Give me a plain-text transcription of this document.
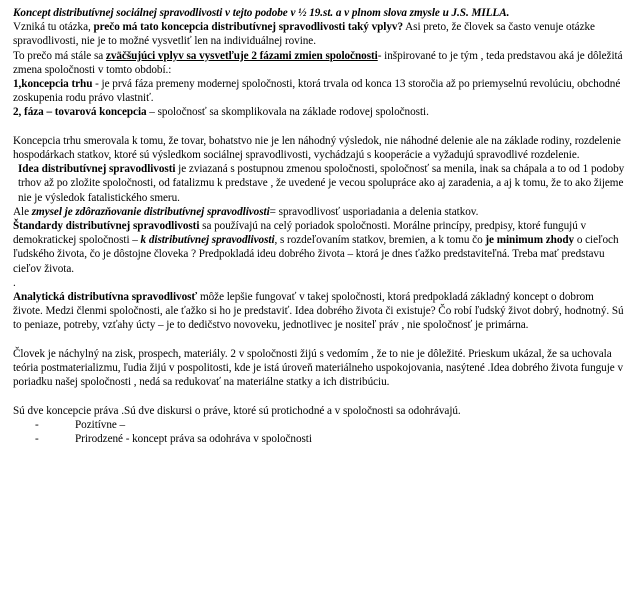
Koncept distributívnej sociálnej spravodlivosti v tejto podobe v ½ 19.st. a v plnom slova zmysle u J.S. MILLA.

Vzniká tu otázka, prečo má tato koncepcia distributívnej spravodlivosti taký vplyv? Asi preto, že človek sa často venuje otázke spravodlivosti, nie je to možné vysvetliť len na individuálnej rovine.

To prečo má stále sa zväčšujúci vplyv sa vysvetľuje 2 fázami zmien spoločnosti- inšpirované to je tým , teda predstavou aká je dôležitá zmena spoločnosti v tomto období.:

1,koncepcia trhu - je prvá fáza premeny modernej spoločnosti, ktorá trvala od konca 13 storočia až po priemyselnú revolúciu, obchodné zoskupenia rodu právo vlastniť.

2, fáza – tovarová koncepcia – spoločnosť sa skomplikovala na základe rodovej spoločnosti.

Koncepcia trhu smerovala k tomu, že tovar, bohatstvo nie je len náhodný výsledok, nie náhodné delenie ale na základe rodiny, rozdelenie hospodárkach statkov, ktoré sú výsledkom sociálnej spravodlivosti, vychádzajú s kooperácie a vyžadujú spravodlivé rozdelenie.

Idea distributívnej spravodlivosti je zviazaná s postupnou zmenou spoločnosti, spoločnosť sa menila, inak sa chápala a to od 1 podoby trhov až po zložite spoločnosti, od fatalizmu k predstave , že uvedené je vecou spolupráce ako aj zaradenia, a aj k tomu, že to ako žijeme nie je výsledok fatalistického smeru.

Ale zmysel je zdôrazňovanie distributívnej spravodlivosti= spravodlivosť usporiadania a delenia statkov.

Štandardy distributívnej spravodlivosti sa používajú na celý poriadok spoločnosti. Morálne princípy, predpisy, ktoré fungujú v demokratickej spoločnosti – k distributívnej spravodlivosti, s rozdeľovaním statkov, bremien, a k tomu čo je minimum zhody o cieľoch ľudského života, čo je dôstojne človeka ? Predpokladá ideu dobrého života – ktorá je dnes ťažko predstaviteľná. Treba mať predstavu cieľov života.

.

Analytická distributívna spravodlivosť môže lepšie fungovať v takej spoločnosti, ktorá predpokladá základný koncept o dobrom živote. Medzi členmi spoločnosti, ale ťažko si ho je predstaviť. Idea dobrého života či existuje? Čo robí ľudský život dobrý, hodnotný. Sú to peniaze, potreby, vzťahy úcty – je to dedičstvo novoveku, jednotlivec je nositeľ práv , nie spoločnosť je primárna.

Človek je náchylný na zisk, prospech, materiály. 2 v spoločnosti žijú s vedomím , že to nie je dôležité. Prieskum ukázal, že sa uchovala teória postmaterializmu, ľudia žijú v pospolitosti, kde je istá úroveň materiálneho uspokojovania, nasýtené .Idea dobrého života funguje v poriadku našej spoločnosti , nedá sa redukovať na materiálne statky a ich distribúciu.

Sú dve koncepcie práva .Sú dve diskursi o práve, ktoré sú protichodné a v spoločnosti sa odohrávajú.

-	Pozitívne –
-	Prirodzené - koncept práva sa odohráva v spoločnosti
